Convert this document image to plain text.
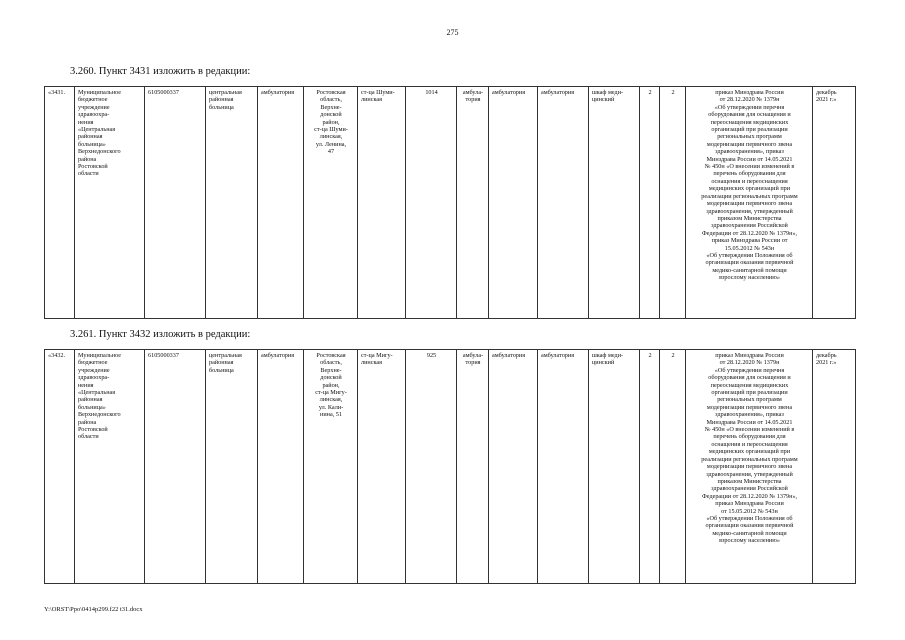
275
3.260. Пункт 3431 изложить в редакции:
«3431.	Муниципальное
бюджетное
учреждение
здравоохра-
нения
«Центральная
районная
больница»
Верхнедонского
района
Ростовской
области	6105000337	центральная
районная
больница	амбулатория	Ростовская
область,
Верхне-
донской
район,
ст-ца Шуми-
линская,
ул. Ленина,
47	ст-ца Шуми-
линская	1014	амбула-
тория	амбулатория	амбулатория	шкаф меди-
цинский	2	2	приказ Минздрава России
от 28.12.2020 № 1379н
«Об утверждении перечня
оборудования для оснащения и
переоснащения медицинских
организаций при реализации
региональных программ
модернизации первичного звена
здравоохранения», приказ
Минздрава России от 14.05.2021
№ 450н «О внесении изменений в
перечень оборудования для
оснащения и переоснащения
медицинских организаций при
реализации региональных программ
модернизации первичного звена
здравоохранения, утвержденный
приказом Министерства
здравоохранения Российской
Федерации от 28.12.2020 № 1379н»,
приказ Минздрава России от
15.05.2012 № 543н
«Об утверждении Положения об
организации оказания первичной
медико-санитарной помощи
взрослому населению»	декабрь
2021 г.»
3.261. Пункт 3432 изложить в редакции:
«3432.	Муниципальное
бюджетное
учреждение
здравоохра-
нения
«Центральная
районная
больница»
Верхнедонского
района
Ростовской
области	6105000337	центральная
районная
больница	амбулатория	Ростовская
область,
Верхне-
донской
район,
ст-ца Мигу-
линская,
ул. Кали-
нина, 51	ст-ца Мигу-
линская	925	амбула-
тория	амбулатория	амбулатория	шкаф меди-
цинский	2	2	приказ Минздрава России
от 28.12.2020 № 1379н
«Об утверждении перечня
оборудования для оснащения и
переоснащения медицинских
организаций при реализации
региональных программ
модернизации первичного звена
здравоохранения», приказ
Минздрава России от 14.05.2021
№ 450н «О внесении изменений в
перечень оборудования для
оснащения и переоснащения
медицинских организаций при
реализации региональных программ
модернизации первичного звена
здравоохранения, утвержденный
приказом Министерства
здравоохранения Российской
Федерации от 28.12.2020 № 1379н»,
приказ Минздрава России
от 15.05.2012 № 543н
«Об утверждении Положения об
организации оказания первичной
медико-санитарной помощи
взрослому населению»	декабрь
2021 г.»
Y:\ORST\Ppo\0414p299.f22 t31.docx
